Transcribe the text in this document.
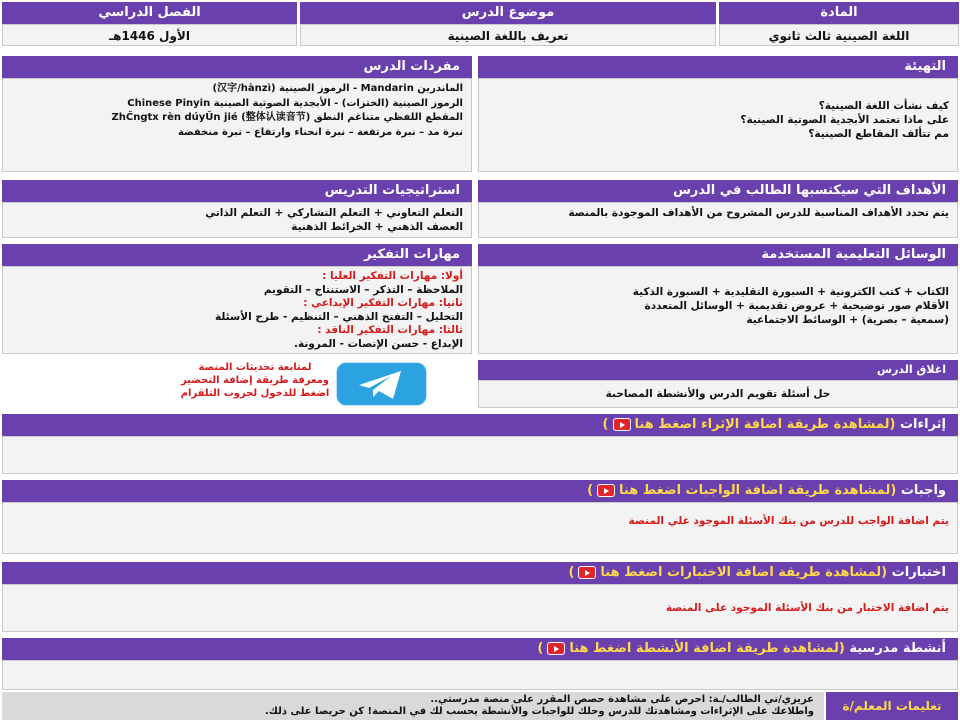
المادة
موضوع الدرس
الفصل الدراسي
اللغة الصينية ثالث ثانوي
تعريف باللغة الصينية
الأول 1446هـ
التهيئة
كيف نشأت اللغة الصينية؟
على ماذا تعتمد الأبجدية الصوتية الصينية؟
مم تتألف المقاطع الصينية؟
مفردات الدرس
الماندرين Mandarin - الرموز الصينية (汉字/hànzì)
الرموز الصينية (الختزات) - الأبجدية الصوتية الصينية Chinese Pinyin
المقطع اللفظي متناغم النطق ZhĈngtx rèn dúyŬn jié (整体认读音节)
نبرة مد – نبرة مرتفعة – نبرة انحناء وارتفاع – نبرة منخفضة
الأهداف التي سيكتسبها الطالب في الدرس
يتم تحدد الأهداف المناسبة للدرس المشروح من الأهداف الموجودة بالمنصة
استراتيجيات التدريس
التعلم التعاوني + التعلم التشاركي + التعلم الذاتي
العصف الذهني + الخرائط الذهنية
الوسائل التعليمية المستخدمة
الكتاب + كتب الكترونية + السبورة التقليدية + السبورة الذكية
الأقلام صور توضيحية + عروض تقديمية + الوسائل المتعددة
(سمعية – بصرية) + الوسائط الاجتماعية
مهارات التفكير
أولا: مهارات التفكير العليا :
الملاحظة – التذكر – الاستنتاج – التقويم
ثانيا: مهارات التفكير الإبداعي :
التحليل – التفتح الذهني – التنظيم - طرح الأسئلة
ثالثا: مهارات التفكير الناقد :
الإبداع - حسن الإنصات - المرونة.
اغلاق الدرس
حل أسئلة تقويم الدرس والأنشطة المصاحبة
لمتابعة تحديثات المنصة
ومعرفة طريقة إضافة التحضير
اضغط للدخول لجروب التلقرام
إثراءات (لمشاهدة طريقة اضافة الإثراء اضغط هنا)
واجبات (لمشاهدة طريقة اضافة الواجبات اضغط هنا)
يتم اضافة الواجب للدرس من بنك الأسئلة الموجود علي المنصة
اختبارات (لمشاهدة طريقة اضافة الاختبارات اضغط هنا)
يتم اضافة الاختبار من بنك الأسئلة الموجود على المنصة
أنشطة مدرسية (لمشاهدة طريقة اضافة الأنشطة اضغط هنا)
تعليمات المعلم/ة
عزيزي/تي الطالب/ـة: احرص على مشاهدة حصص المقرر على منصة مدرستي..
واطلاعك على الإثراءات ومشاهدتك للدرس وحلك للواجبات والأنشطة يحسب لك في المنصة! كن حريصا على ذلك.
